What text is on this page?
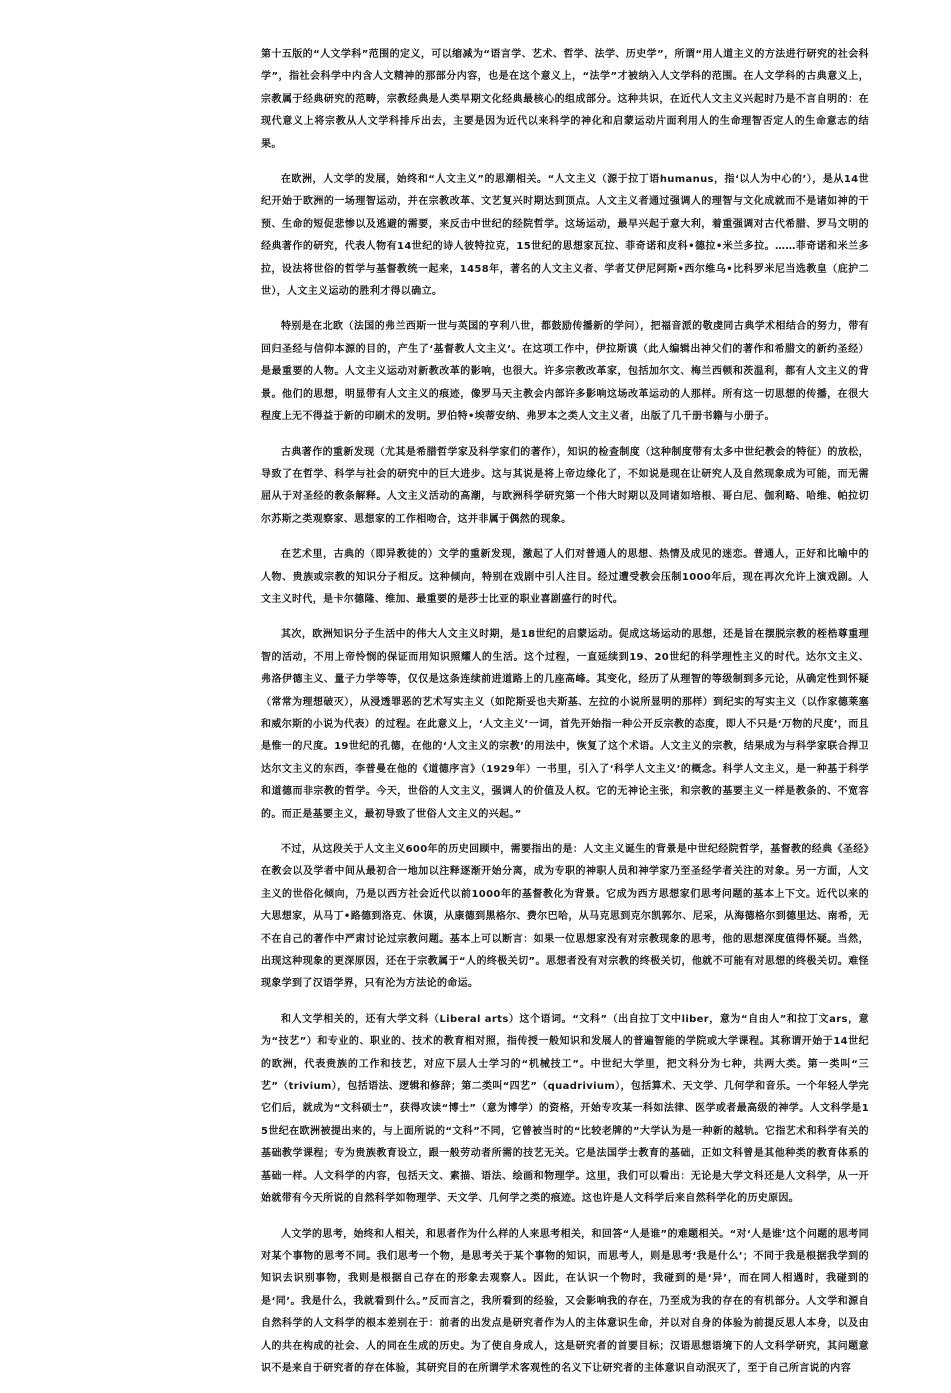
第十五版的“人文学科”范围的定义，可以缩减为“语言学、艺术、哲学、法学、历史学”，所谓“用人道主义的方法进行研究的社会科学”，指社会科学中内含人文精神的那部分内容，也是在这个意义上，“法学”才被纳入人文学科的范围。在人文学科的古典意义上，宗教属于经典研究的范畴，宗教经典是人类早期文化经典最核心的组成部分。这种共识，在近代人文主义兴起时乃是不言自明的：在现代意义上将宗教从人文学科排斥出去，主要是因为近代以来科学的神化和启蒙运动片面利用人的生命理智否定人的生命意志的结果。

在欧洲，人文学的发展，始终和“人文主义”的思潮相关。“人文主义（源于拉丁语humanus，指‘以人为中心的’），是从14世纪开始于欧洲的一场理智运动，并在宗教改革、文艺复兴时期达到顶点。人文主义者通过强调人的理智与文化成就而不是诸如神的干预、生命的短促悲惨以及逃避的需要，来反击中世纪的经院哲学。这场运动，最早兴起于意大利，着重强调对古代希腊、罗马文明的经典著作的研究，代表人物有14世纪的诗人彼特拉克，15世纪的思想家瓦拉、菲奇诺和皮科•德拉•米兰多拉。……菲奇诺和米兰多拉，设法将世俗的哲学与基督教统一起来，1458年，著名的人文主义者、学者艾伊尼阿斯•西尔维乌•比科罗米尼当选教皇（庇护二世），人文主义运动的胜利才得以确立。

特别是在北欧（法国的弗兰西斯一世与英国的亨利八世，都鼓励传播新的学问），把福音派的敬虔同古典学术相结合的努力，带有回归圣经与信仰本源的目的，产生了‘基督教人文主义’。在这项工作中，伊拉斯谟（此人编辑出神父们的著作和希腊文的新约圣经）是最重要的人物。人文主义运动对新教改革的影响，也很大。许多宗教改革家，包括加尔文、梅兰西顿和茨温利，都有人文主义的背景。他们的思想，明显带有人文主义的痕迹，像罗马天主教会内部许多影响这场改革运动的人那样。所有这一切思想的传播，在很大程度上无不得益于新的印刷术的发明。罗伯特•埃蒂安纳、弗罗本之类人文主义者，出版了几千册书籍与小册子。

古典著作的重新发现（尤其是希腊哲学家及科学家们的著作），知识的检查制度（这种制度带有太多中世纪教会的特征）的放松，导致了在哲学、科学与社会的研究中的巨大进步。这与其说是将上帝边缘化了，不如说是现在让研究人及自然现象成为可能，而无需屈从于对圣经的教条解释。人文主义活动的高潮，与欧洲科学研究第一个伟大时期以及同诸如培根、哥白尼、伽利略、哈维、帕拉切尔苏斯之类观察家、思想家的工作相吻合，这并非属于偶然的现象。

在艺术里，古典的（即异教徒的）文学的重新发现，激起了人们对普通人的思想、热情及成见的迷恋。普通人，正好和比喻中的人物、贵族或宗教的知识分子相反。这种倾向，特别在戏剧中引人注目。经过遭受教会压制1000年后，现在再次允许上演戏剧。人文主义时代，是卡尔德隆、维加、最重要的是莎士比亚的职业喜剧盛行的时代。

其次，欧洲知识分子生活中的伟大人文主义时期，是18世纪的启蒙运动。促成这场运动的思想，还是旨在摆脱宗教的桎梏尊重理智的活动，不用上帝怜悯的保证而用知识照耀人的生活。这个过程，一直延续到19、20世纪的科学理性主义的时代。达尔文主义、弗洛伊德主义、量子力学等等，仅仅是这条连续前进道路上的几座高峰。其变化，经历了从理智的等级制到多元论，从确定性到怀疑（常常为理想破灭），从浸透罪恶的艺术写实主义（如陀斯妥也夫斯基、左拉的小说所显明的那样）到纪实的写实主义（以作家德莱塞和威尔斯的小说为代表）的过程。在此意义上，‘人文主义’一词，首先开始指一种公开反宗教的态度，即人不只是‘万物的尺度’，而且是惟一的尺度。19世纪的孔德，在他的‘人文主义的宗教’的用法中，恢复了这个术语。人文主义的宗教，结果成为与科学家联合捍卫达尔文主义的东西，李普曼在他的《道德序言》（1929年）一书里，引入了‘科学人文主义’的概念。科学人文主义，是一种基于科学和道德而非宗教的哲学。今天，世俗的人文主义，强调人的价值及人权。它的无神论主张，和宗教的基要主义一样是教条的、不宽容的。而正是基要主义，最初导致了世俗人文主义的兴起。”

不过，从这段关于人文主义600年的历史回顾中，需要指出的是：人文主义诞生的背景是中世纪经院哲学，基督教的经典《圣经》在教会以及学者中间从最初合一地加以注释逐渐开始分离，成为专职的神职人员和神学家乃至圣经学者关注的对象。另一方面，人文主义的世俗化倾向，乃是以西方社会近代以前1000年的基督教化为背景。它成为西方思想家们思考问题的基本上下文。近代以来的大思想家，从马丁•路德到洛克、休谟，从康德到黑格尔、费尔巴哈，从马克思到克尔凯郭尔、尼采，从海德格尔到德里达、南希，无不在自己的著作中严肃讨论过宗教问题。基本上可以断言：如果一位思想家没有对宗教现象的思考，他的思想深度值得怀疑。当然，出现这种现象的更深原因，还在于宗教属于“人的终极关切”。思想者没有对宗教的终极关切，他就不可能有对思想的终极关切。难怪现象学到了汉语学界，只有沦为方法论的命运。

和人文学相关的，还有大学文科（Liberal arts）这个语词。“文科”（出自拉丁文中liber，意为“自由人”和拉丁文ars，意为“技艺”）和专业的、职业的、技术的教育相对照，指传授一般知识和发展人的普遍智能的学院或大学课程。其称谓开始于14世纪的欧洲，代表贵族的工作和技艺，对应下层人士学习的“机械技工”。中世纪大学里，把文科分为七种，共两大类。第一类叫“三艺”（trivium），包括语法、逻辑和修辞；第二类叫“四艺”（quadrivium），包括算术、天文学、几何学和音乐。一个年轻人学完它们后，就成为“文科硕士”，获得攻读“博士”（意为博学）的资格，开始专攻某一科如法律、医学或者最高级的神学。人文科学是15世纪在欧洲被提出来的，与上面所说的“文科”不同，它曾被当时的“比较老牌的”大学认为是一种新的越轨。它指艺术和科学有关的基础教学课程；专为贵族教育设立，跟一般劳动者所需的技艺无关。它是法国学士教育的基础，正如文科曾是其他种类的教育体系的基础一样。人文科学的内容，包括天文、素描、语法、绘画和物理学。这里，我们可以看出：无论是大学文科还是人文科学，从一开始就带有今天所说的自然科学如物理学、天文学、几何学之类的痕迹。这也许是人文科学后来自然科学化的历史原因。

人文学的思考，始终和人相关，和思者作为什么样的人来思考相关，和回答“人是谁”的难题相关。“对‘人是谁’这个问题的思考同对某个事物的思考不同。我们思考一个物，是思考关于某个事物的知识，而思考人，则是思考‘我是什么’；不同于我是根据我学到的知识去识别事物，我则是根据自己存在的形象去观察人。因此，在认识一个物时，我碰到的是‘异’，而在同人相遇时，我碰到的是‘同’。我是什么，我就看到什么。”反而言之，我所看到的经验，又会影响我的存在，乃至成为我的存在的有机部分。人文学和源自自然科学的人文科学的根本差别在于：前者的出发点是研究者作为人的主体意识生命，并以对自身的体验为前提反思人本身，以及由人的共在构成的社会、人的同在生成的历史。为了使自身成人，这是研究者的首要目标；汉语思想语境下的人文科学研究，其问题意识不是来自于研究者的存在体验，其研究目的在所谓学术客观性的名义下让研究者的主体意识自动泯灭了，至于自己所言说的内容
